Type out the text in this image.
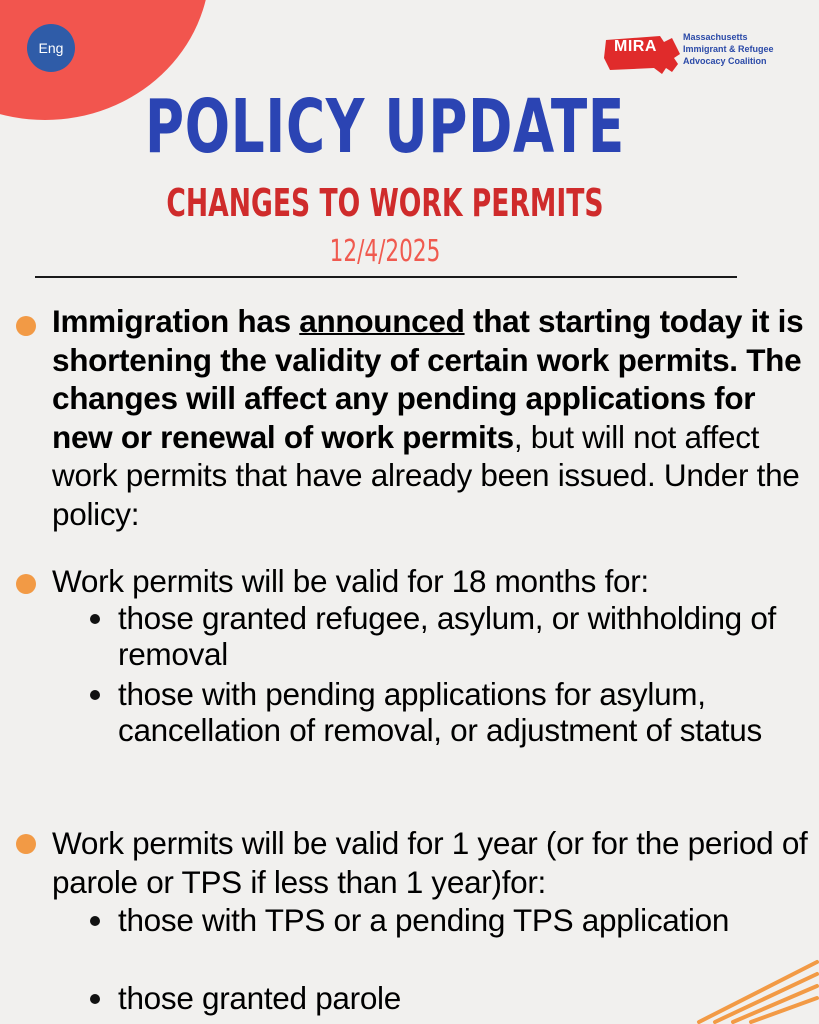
Eng	MIRA
Massachusetts
Immigrant & Refugee
Advocacy Coalition
POLICY UPDATE
CHANGES TO WORK PERMITS
12/4/2025
Immigration has announced that starting today it is shortening the validity of certain work permits. The changes will affect any pending applications for new or renewal of work permits, but will not affect work permits that have already been issued. Under the policy:
Work permits will be valid for 18 months for:
those granted refugee, asylum, or withholding of removal
those with pending applications for asylum, cancellation of removal, or adjustment of status
Work permits will be valid for 1 year (or for the period of parole or TPS if less than 1 year)for:
those with TPS or a pending TPS application
those granted parole
